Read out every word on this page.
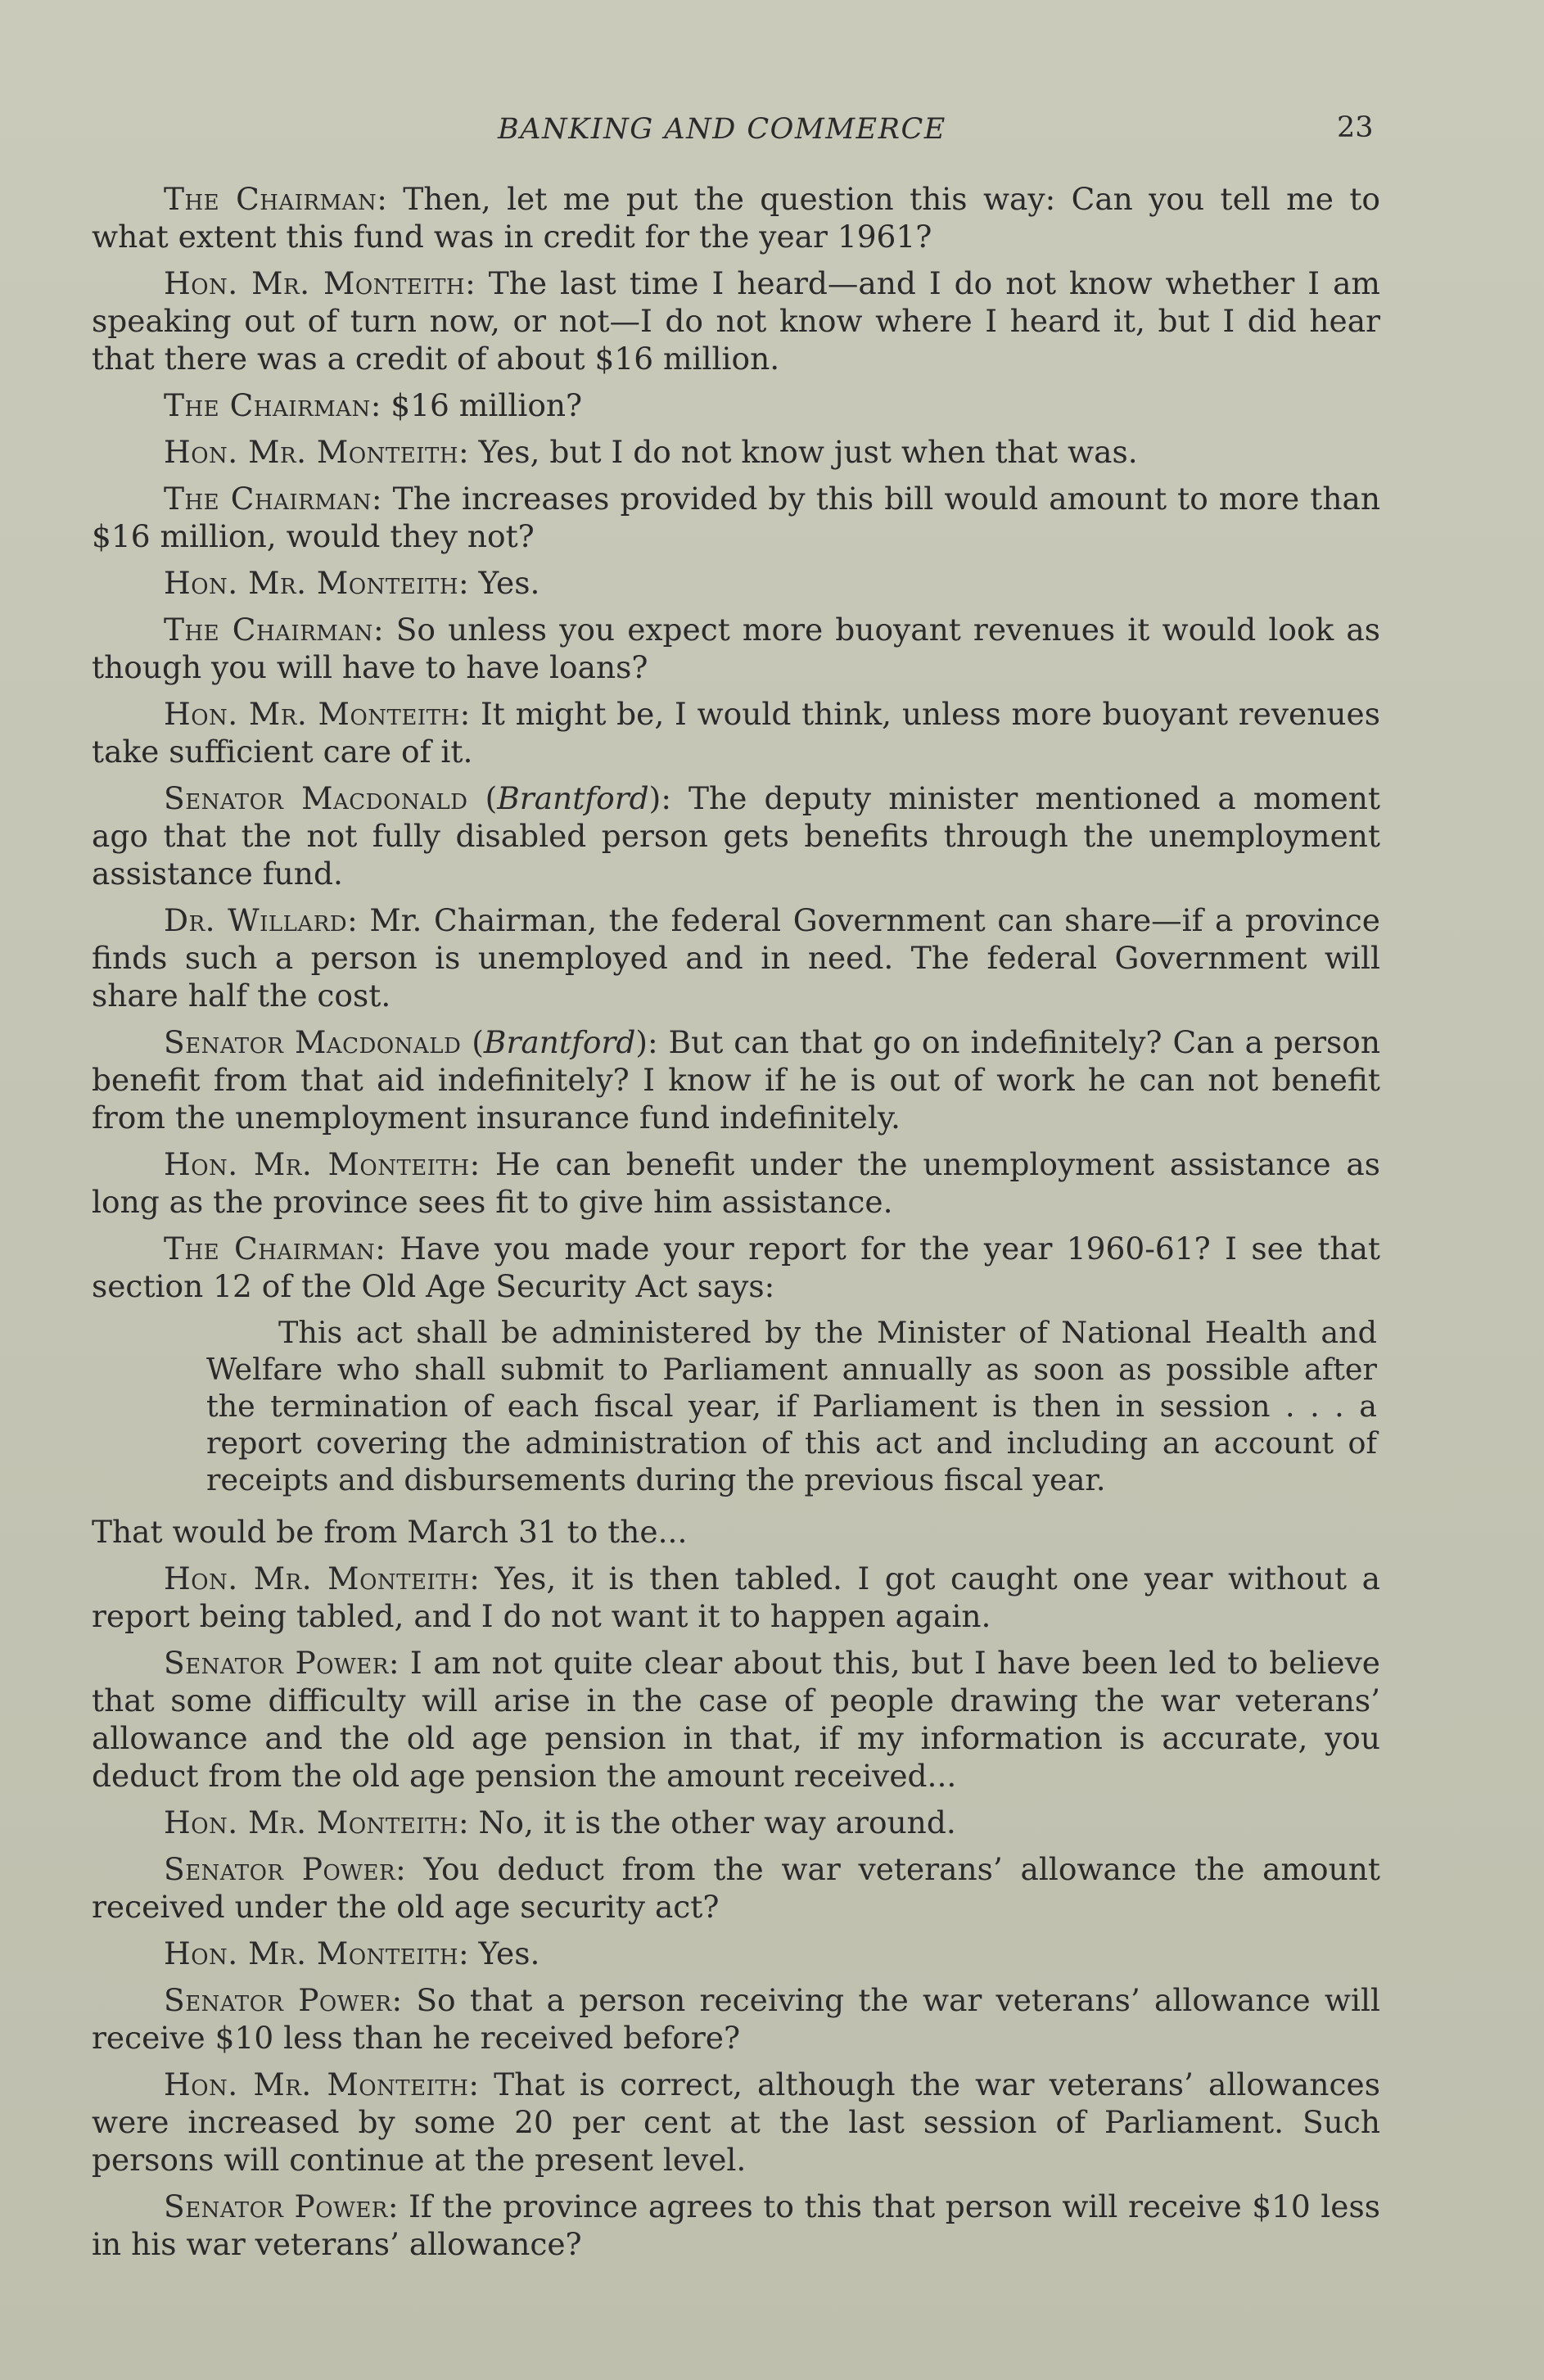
BANKING AND COMMERCE	23

The Chairman: Then, let me put the question this way: Can you tell me to what extent this fund was in credit for the year 1961?

Hon. Mr. Monteith: The last time I heard—and I do not know whether I am speaking out of turn now, or not—I do not know where I heard it, but I did hear that there was a credit of about $16 million.

The Chairman: $16 million?

Hon. Mr. Monteith: Yes, but I do not know just when that was.

The Chairman: The increases provided by this bill would amount to more than $16 million, would they not?

Hon. Mr. Monteith: Yes.

The Chairman: So unless you expect more buoyant revenues it would look as though you will have to have loans?

Hon. Mr. Monteith: It might be, I would think, unless more buoyant revenues take sufficient care of it.

Senator Macdonald (Brantford): The deputy minister mentioned a moment ago that the not fully disabled person gets benefits through the unemployment assistance fund.

Dr. Willard: Mr. Chairman, the federal Government can share—if a province finds such a person is unemployed and in need. The federal Government will share half the cost.

Senator Macdonald (Brantford): But can that go on indefinitely? Can a person benefit from that aid indefinitely? I know if he is out of work he can not benefit from the unemployment insurance fund indefinitely.

Hon. Mr. Monteith: He can benefit under the unemployment assistance as long as the province sees fit to give him assistance.

The Chairman: Have you made your report for the year 1960-61? I see that section 12 of the Old Age Security Act says:

This act shall be administered by the Minister of National Health and Welfare who shall submit to Parliament annually as soon as possible after the termination of each fiscal year, if Parliament is then in session . . . a report covering the administration of this act and including an account of receipts and disbursements during the previous fiscal year.

That would be from March 31 to the...

Hon. Mr. Monteith: Yes, it is then tabled. I got caught one year without a report being tabled, and I do not want it to happen again.

Senator Power: I am not quite clear about this, but I have been led to believe that some difficulty will arise in the case of people drawing the war veterans’ allowance and the old age pension in that, if my information is accurate, you deduct from the old age pension the amount received...

Hon. Mr. Monteith: No, it is the other way around.

Senator Power: You deduct from the war veterans’ allowance the amount received under the old age security act?

Hon. Mr. Monteith: Yes.

Senator Power: So that a person receiving the war veterans’ allowance will receive $10 less than he received before?

Hon. Mr. Monteith: That is correct, although the war veterans’ allowances were increased by some 20 per cent at the last session of Parliament. Such persons will continue at the present level.

Senator Power: If the province agrees to this that person will receive $10 less in his war veterans’ allowance?
